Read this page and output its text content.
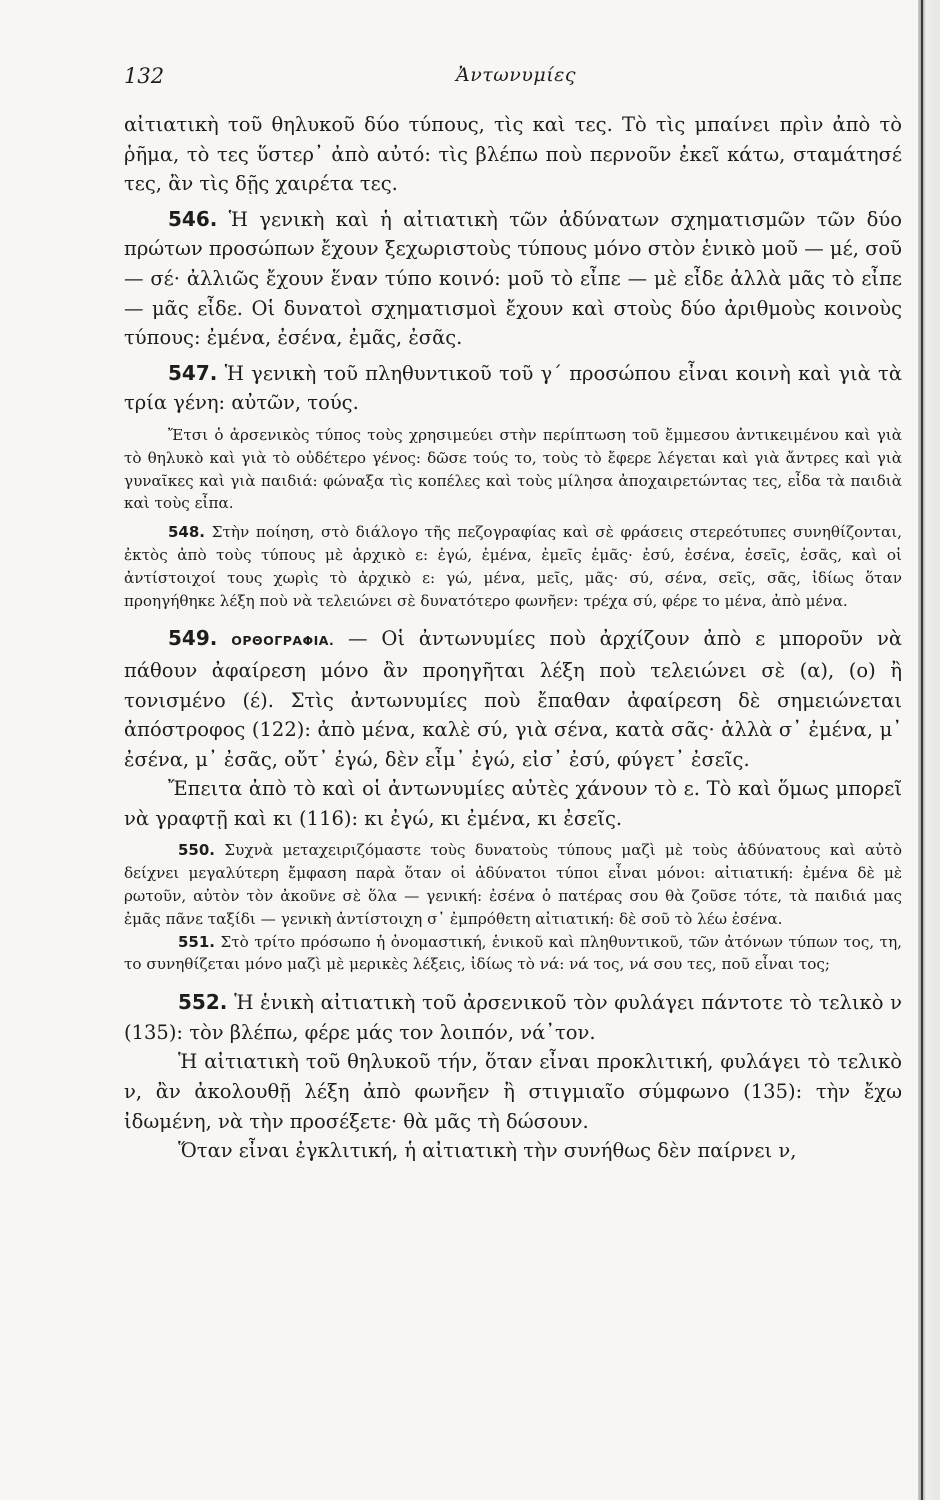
132	Ἀντωνυμίες

αἰτιατικὴ τοῦ θηλυκοῦ δύο τύπους, τὶς καὶ τες. Τὸ τὶς μπαίνει πρὶν ἀπὸ τὸ ῥῆμα, τὸ τες ὕστερ᾿ ἀπὸ αὐτό: τὶς βλέπω ποὺ περνοῦν ἐκεῖ κάτω, σταμάτησέ τες, ἂν τὶς δῇς χαιρέτα τες.

546. Ἡ γενικὴ καὶ ἡ αἰτιατικὴ τῶν ἀδύνατων σχηματισμῶν τῶν δύο πρώτων προσώπων ἔχουν ξεχωριστοὺς τύπους μόνο στὸν ἑνικὸ μοῦ — μέ, σοῦ — σέ· ἀλλιῶς ἔχουν ἕναν τύπο κοινό: μοῦ τὸ εἶπε — μὲ εἶδε ἀλλὰ μᾶς τὸ εἶπε — μᾶς εἶδε. Οἱ δυνατοὶ σχηματισμοὶ ἔχουν καὶ στοὺς δύο ἀριθμοὺς κοινοὺς τύπους: ἐμένα, ἐσένα, ἐμᾶς, ἐσᾶς.

547. Ἡ γενικὴ τοῦ πληθυντικοῦ τοῦ γ΄ προσώπου εἶναι κοινὴ καὶ γιὰ τὰ τρία γένη: αὐτῶν, τούς.

Ἔτσι ὁ ἀρσενικὸς τύπος τοὺς χρησιμεύει στὴν περίπτωση τοῦ ἔμμεσου ἀντικειμένου καὶ γιὰ τὸ θηλυκὸ καὶ γιὰ τὸ οὐδέτερο γένος: δῶσε τούς το, τοὺς τὸ ἔφερε λέγεται καὶ γιὰ ἄντρες καὶ γιὰ γυναῖκες καὶ γιὰ παιδιά: φώναξα τὶς κοπέλες καὶ τοὺς μίλησα ἀποχαιρετώντας τες, εἶδα τὰ παιδιὰ καὶ τοὺς εἶπα.

548. Στὴν ποίηση, στὸ διάλογο τῆς πεζογραφίας καὶ σὲ φράσεις στερεότυπες συνηθίζονται, ἐκτὸς ἀπὸ τοὺς τύπους μὲ ἀρχικὸ ε: ἐγώ, ἐμένα, ἐμεῖς ἐμᾶς· ἐσύ, ἐσένα, ἐσεῖς, ἐσᾶς, καὶ οἱ ἀντίστοιχοί τους χωρὶς τὸ ἀρχικὸ ε: γώ, μένα, μεῖς, μᾶς· σύ, σένα, σεῖς, σᾶς, ἰδίως ὅταν προηγήθηκε λέξη ποὺ νὰ τελειώνει σὲ δυνατότερο φωνῆεν: τρέχα σύ, φέρε το μένα, ἀπὸ μένα.

549. ΟΡΘΟΓΡΑΦΙΑ. — Οἱ ἀντωνυμίες ποὺ ἀρχίζουν ἀπὸ ε μποροῦν νὰ πάθουν ἀφαίρεση μόνο ἂν προηγῆται λέξη ποὺ τελειώνει σὲ (α), (ο) ἢ τονισμένο (έ). Στὶς ἀντωνυμίες ποὺ ἔπαθαν ἀφαίρεση δὲ σημειώνεται ἀπόστροφος (122): ἀπὸ μένα, καλὲ σύ, γιὰ σένα, κατὰ σᾶς· ἀλλὰ σ᾿ ἐμένα, μ᾿ ἐσένα, μ᾿ ἐσᾶς, οὔτ᾿ ἐγώ, δὲν εἶμ᾿ ἐγώ, εἰσ᾿ ἐσύ, φύγετ᾿ ἐσεῖς.

Ἔπειτα ἀπὸ τὸ καὶ οἱ ἀντωνυμίες αὐτὲς χάνουν τὸ ε. Τὸ καὶ ὅμως μπορεῖ νὰ γραφτῇ καὶ κι (116): κι ἐγώ, κι ἐμένα, κι ἐσεῖς.

550. Συχνὰ μεταχειριζόμαστε τοὺς δυνατοὺς τύπους μαζὶ μὲ τοὺς ἀδύνατους καὶ αὐτὸ δείχνει μεγαλύτερη ἔμφαση παρὰ ὅταν οἱ ἀδύνατοι τύποι εἶναι μόνοι: αἰτιατική: ἐμένα δὲ μὲ ρωτοῦν, αὐτὸν τὸν ἀκοῦνε σὲ ὅλα — γενική: ἐσένα ὁ πατέρας σου θὰ ζοῦσε τότε, τὰ παιδιά μας ἐμᾶς πᾶνε ταξίδι — γενικὴ ἀντίστοιχη σ᾿ ἐμπρόθετη αἰτιατική: δὲ σοῦ τὸ λέω ἐσένα.

551. Στὸ τρίτο πρόσωπο ἡ ὀνομαστική, ἑνικοῦ καὶ πληθυντικοῦ, τῶν ἀτόνων τύπων τος, τη, το συνηθίζεται μόνο μαζὶ μὲ μερικὲς λέξεις, ἰδίως τὸ νά: νά τος, νά σου τες, ποῦ εἶναι τος;

552. Ἡ ἑνικὴ αἰτιατικὴ τοῦ ἀρσενικοῦ τὸν φυλάγει πάντοτε τὸ τελικὸ ν (135): τὸν βλέπω, φέρε μάς τον λοιπόν, νά᾿τον.

Ἡ αἰτιατικὴ τοῦ θηλυκοῦ τήν, ὅταν εἶναι προκλιτική, φυλάγει τὸ τελικὸ ν, ἂν ἀκολουθῇ λέξη ἀπὸ φωνῆεν ἢ στιγμιαῖο σύμφωνο (135): τὴν ἔχω ἰδωμένη, νὰ τὴν προσέξετε· θὰ μᾶς τὴ δώσουν.

Ὅταν εἶναι ἐγκλιτική, ἡ αἰτιατικὴ τὴν συνήθως δὲν παίρνει ν,
